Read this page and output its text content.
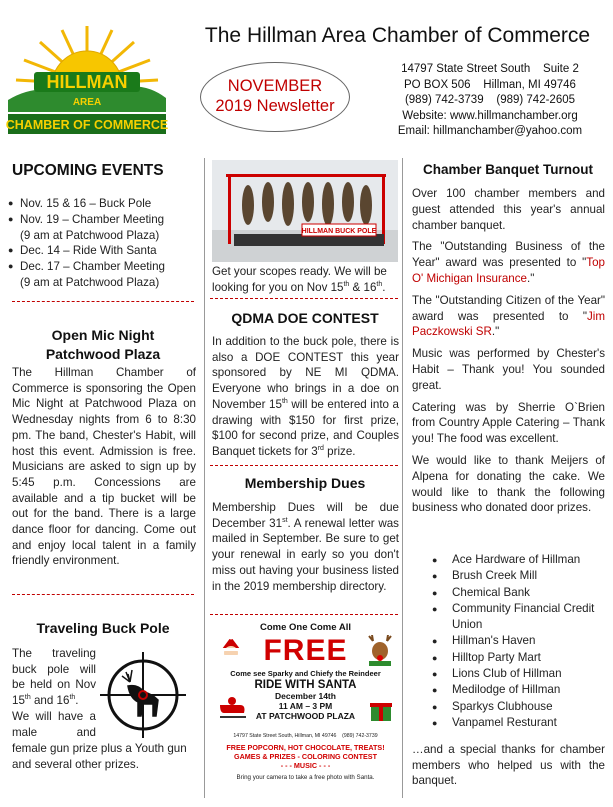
HILLMAN
AREA
CHAMBER OF COMMERCE
The Hillman Area Chamber of Commerce
NOVEMBER
2019 Newsletter
14797 State Street South    Suite 2
PO BOX 506    Hillman, MI 49746
(989) 742-3739    (989) 742-2605
Website: www.hillmanchamber.org
Email: hillmanchamber@yahoo.com
UPCOMING EVENTS
● Nov. 15 & 16 – Buck Pole
● Nov. 19 – Chamber Meeting
(9 am at Patchwood Plaza)
● Dec. 14 – Ride With Santa
● Dec. 17 – Chamber Meeting
(9 am at Patchwood Plaza)
Open Mic Night
Patchwood Plaza
The Hillman Chamber of Commerce is sponsoring the Open Mic Night at Patchwood Plaza on Wednesday nights from 6 to 8:30 pm. The band, Chester's Habit, will host this event. Admission is free. Musicians are asked to sign up by 5:45 p.m. Concessions are available and a tip bucket will be out for the band. There is a large dance floor for dancing. Come out and enjoy local talent in a family friendly environment.
Traveling Buck Pole
The traveling
buck pole will
be held on Nov
15th and 16th.
We will have a
male and
female gun prize plus a Youth gun and several other prizes.
HILLMAN BUCK POLE
Get your scopes ready. We will be looking for you on Nov 15th & 16th.
QDMA DOE CONTEST
In addition to the buck pole, there is also a DOE CONTEST this year sponsored by NE MI QDMA. Everyone who brings in a doe on November 15th will be entered into a drawing with $150 for first prize, $100 for second prize, and Couples Banquet tickets for 3rd prize.
Membership Dues
Membership Dues will be due December 31st. A renewal letter was mailed in September. Be sure to get your renewal in early so you don't miss out having your business listed in the 2019 membership directory.
Come One Come All
FREE
Come see Sparky and Chiefy the Reindeer
RIDE WITH SANTA
December 14th
11 AM – 3 PM
AT PATCHWOOD PLAZA
14797 State Street South, Hillman, MI 49746    (989) 742-3739
FREE POPCORN, HOT CHOCOLATE, TREATS!
GAMES & PRIZES - COLORING CONTEST
- - - MUSIC - - -
Bring your camera to take a free photo with Santa.
Chamber Banquet Turnout
Over 100 chamber members and guest attended this year's annual chamber banquet.
The "Outstanding Business of the Year" award was presented to "Top O' Michigan Insurance."
The "Outstanding Citizen of the Year" award was presented to "Jim Paczkowski SR."
Music was performed by Chester's Habit – Thank you! You sounded great.
Catering was by Sherrie O`Brien from Country Apple Catering – Thank you! The food was excellent.
We would like to thank Meijers of Alpena for donating the cake. We would like to thank the following business who donated door prizes.
● Ace Hardware of Hillman
● Brush Creek Mill
● Chemical Bank
● Community Financial Credit Union
● Hillman's Haven
● Hilltop Party Mart
● Lions Club of Hillman
● Medilodge of Hillman
● Sparkys Clubhouse
● Vanpamel Resturant
…and a special thanks for chamber members who helped us with the banquet.
